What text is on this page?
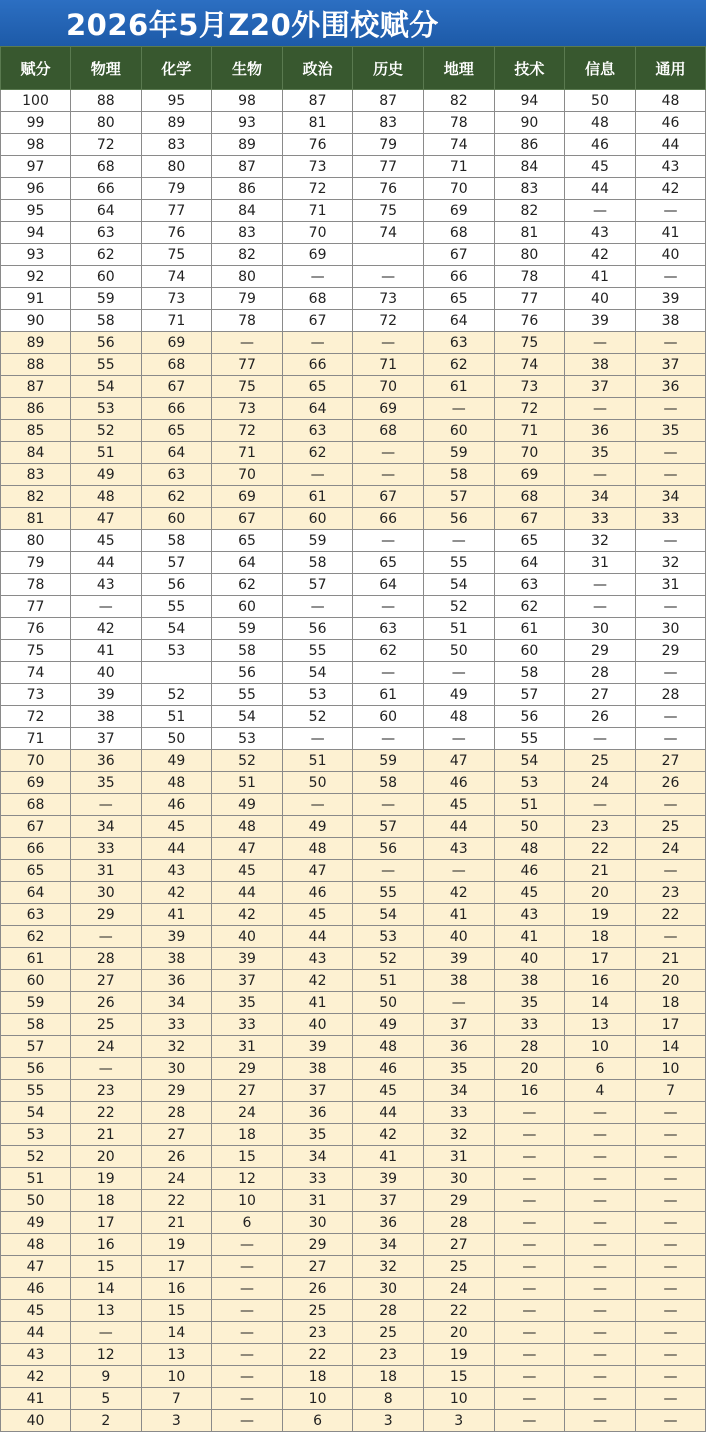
2026年5月Z20外围校赋分
赋分	物理	化学	生物	政治	历史	地理	技术	信息	通用
100	88	95	98	87	87	82	94	50	48
99	80	89	93	81	83	78	90	48	46
98	72	83	89	76	79	74	86	46	44
97	68	80	87	73	77	71	84	45	43
96	66	79	86	72	76	70	83	44	42
95	64	77	84	71	75	69	82	—	—
94	63	76	83	70	74	68	81	43	41
93	62	75	82	69		67	80	42	40
92	60	74	80	—	—	66	78	41	—
91	59	73	79	68	73	65	77	40	39
90	58	71	78	67	72	64	76	39	38
89	56	69	—	—	—	63	75	—	—
88	55	68	77	66	71	62	74	38	37
87	54	67	75	65	70	61	73	37	36
86	53	66	73	64	69	—	72	—	—
85	52	65	72	63	68	60	71	36	35
84	51	64	71	62	—	59	70	35	—
83	49	63	70	—	—	58	69	—	—
82	48	62	69	61	67	57	68	34	34
81	47	60	67	60	66	56	67	33	33
80	45	58	65	59	—	—	65	32	—
79	44	57	64	58	65	55	64	31	32
78	43	56	62	57	64	54	63	—	31
77	—	55	60	—	—	52	62	—	—
76	42	54	59	56	63	51	61	30	30
75	41	53	58	55	62	50	60	29	29
74	40		56	54	—	—	58	28	—
73	39	52	55	53	61	49	57	27	28
72	38	51	54	52	60	48	56	26	—
71	37	50	53	—	—	—	55	—	—
70	36	49	52	51	59	47	54	25	27
69	35	48	51	50	58	46	53	24	26
68	—	46	49	—	—	45	51	—	—
67	34	45	48	49	57	44	50	23	25
66	33	44	47	48	56	43	48	22	24
65	31	43	45	47	—	—	46	21	—
64	30	42	44	46	55	42	45	20	23
63	29	41	42	45	54	41	43	19	22
62	—	39	40	44	53	40	41	18	—
61	28	38	39	43	52	39	40	17	21
60	27	36	37	42	51	38	38	16	20
59	26	34	35	41	50	—	35	14	18
58	25	33	33	40	49	37	33	13	17
57	24	32	31	39	48	36	28	10	14
56	—	30	29	38	46	35	20	6	10
55	23	29	27	37	45	34	16	4	7
54	22	28	24	36	44	33	—	—	—
53	21	27	18	35	42	32	—	—	—
52	20	26	15	34	41	31	—	—	—
51	19	24	12	33	39	30	—	—	—
50	18	22	10	31	37	29	—	—	—
49	17	21	6	30	36	28	—	—	—
48	16	19	—	29	34	27	—	—	—
47	15	17	—	27	32	25	—	—	—
46	14	16	—	26	30	24	—	—	—
45	13	15	—	25	28	22	—	—	—
44	—	14	—	23	25	20	—	—	—
43	12	13	—	22	23	19	—	—	—
42	9	10	—	18	18	15	—	—	—
41	5	7	—	10	8	10	—	—	—
40	2	3	—	6	3	3	—	—	—
